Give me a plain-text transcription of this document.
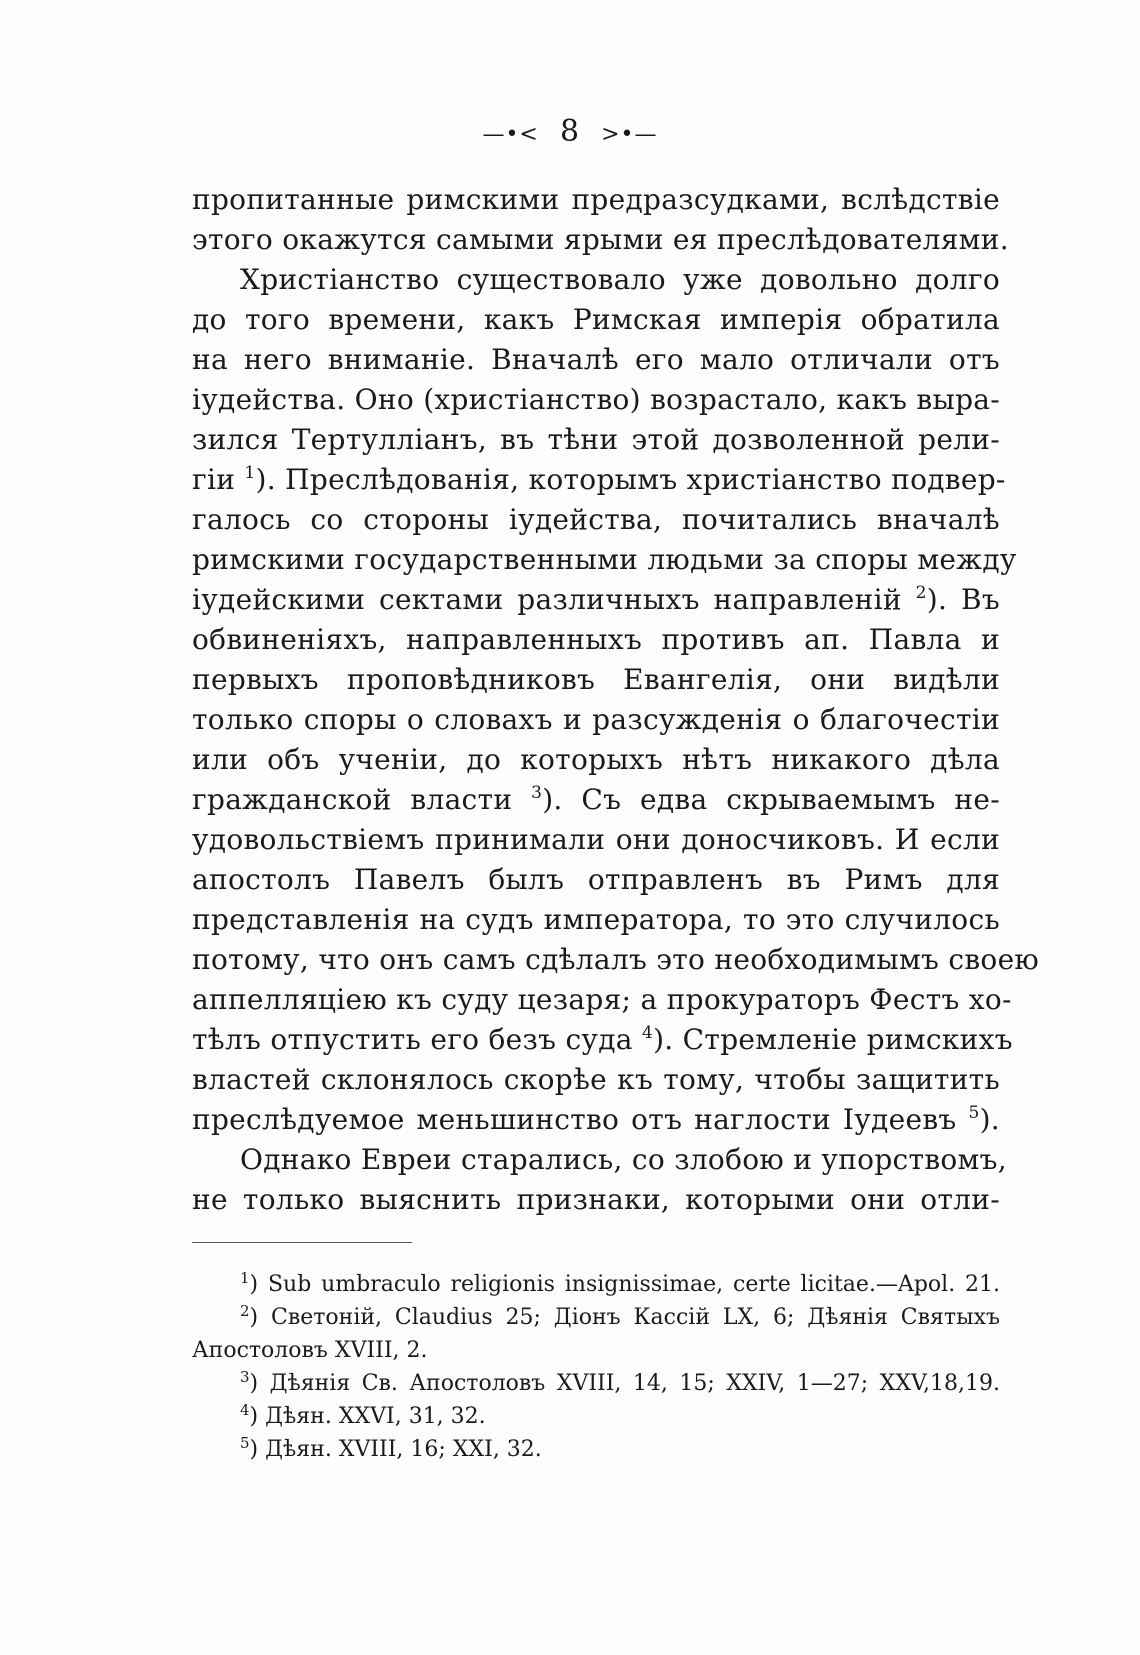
—•< 8 >•—
пропитанные римскими предразсудками, вслѣдствіе
этого окажутся самыми ярыми ея преслѣдователями.
Христіанство существовало уже довольно долго
до того времени, какъ Римская имперія обратила
на него вниманіе. Вначалѣ его мало отличали отъ
іудейства. Оно (христіанство) возрастало, какъ выра-
зился Тертулліанъ, въ тѣни этой дозволенной рели-
гіи $^1$). Преслѣдованія, которымъ христіанство подвер-
галось со стороны іудейства, почитались вначалѣ
римскими государственными людьми за споры между
іудейскими сектами различныхъ направленій $^2$). Въ
обвиненіяхъ, направленныхъ противъ ап. Павла и
первыхъ проповѣдниковъ Евангелія, они видѣли
только споры о словахъ и разсужденія о благочестіи
или объ ученіи, до которыхъ нѣтъ никакого дѣла
гражданской власти $^3$). Съ едва скрываемымъ не-
удовольствіемъ принимали они доносчиковъ. И если
апостолъ Павелъ былъ отправленъ въ Римъ для
представленія на судъ императора, то это случилось
потому, что онъ самъ сдѣлалъ это необходимымъ своею
аппелляціею къ суду цезаря; а прокураторъ Фестъ хо-
тѣлъ отпустить его безъ суда $^4$). Стремленіе римскихъ
властей склонялось скорѣе къ тому, чтобы защитить
преслѣдуемое меньшинство отъ наглости Іудеевъ $^5$).
Однако Евреи старались, со злобою и упорствомъ,
не только выяснить признаки, которыми они отли-
$^1$) Sub umbraculo religionis insignissimae, certe licitae.—Apol. 21.
$^2$) Светоній, Claudius 25; Діонъ Кассій LX, 6; Дѣянія Святыхъ
Апостоловъ XVIII, 2.
$^3$) Дѣянія Св. Апостоловъ XVIII, 14, 15; XXIV, 1—27; XXV,18,19.
$^4$) Дѣян. XXVI, 31, 32.
$^5$) Дѣян. XVIII, 16; XXI, 32.
